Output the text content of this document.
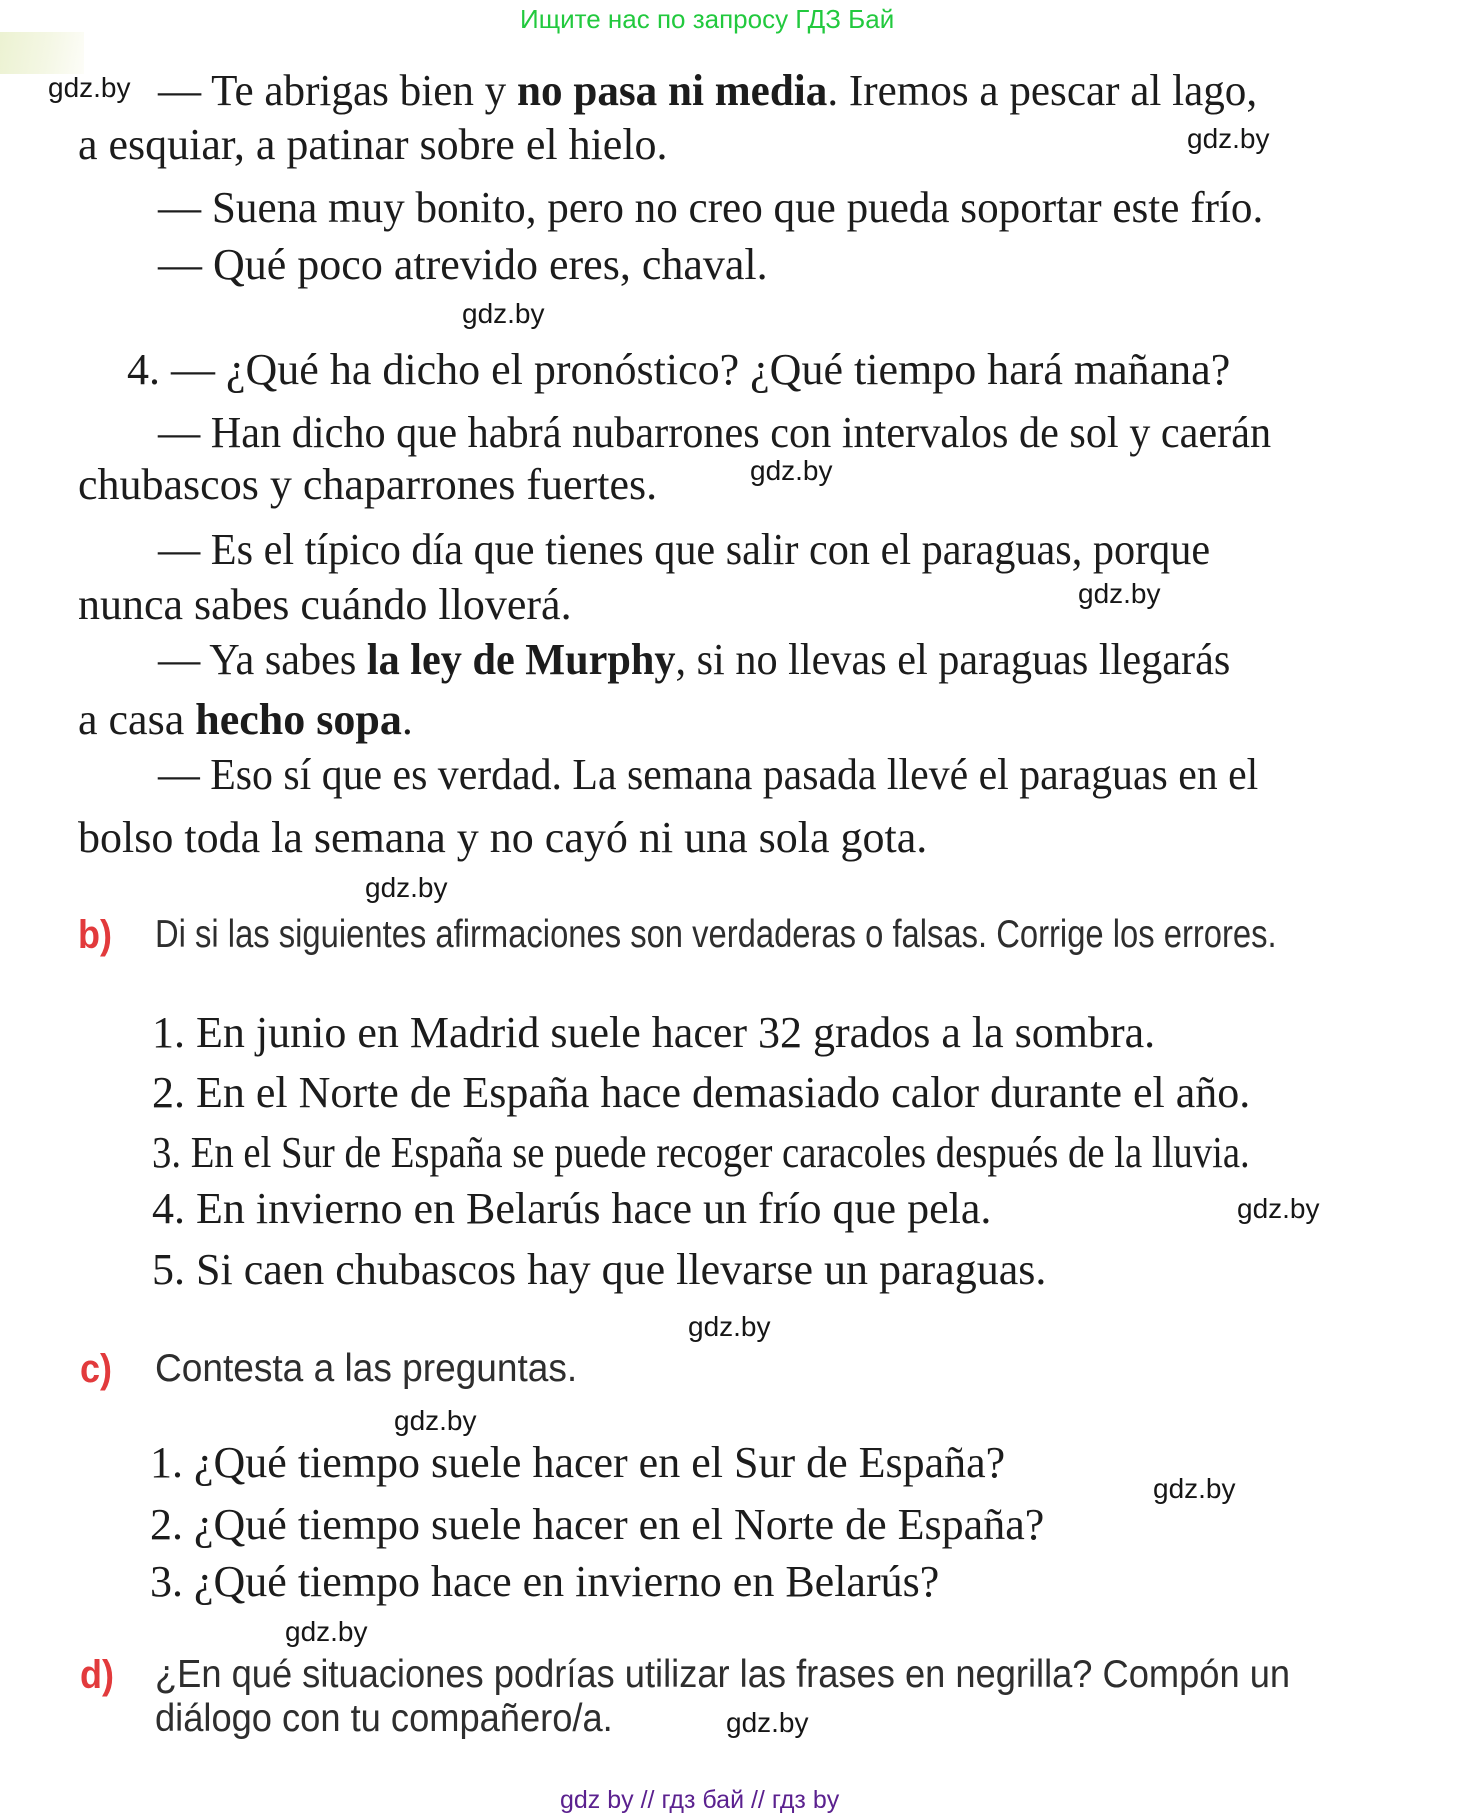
Ищите нас по запросу ГДЗ Бай
gdz.by
gdz.by
gdz.by
gdz.by
gdz.by
gdz.by
gdz.by
gdz.by
gdz.by
gdz.by
gdz.by
gdz.by
— Te abrigas bien y no pasa ni media. Iremos a pescar al lago,
a esquiar, a patinar sobre el hielo.
— Suena muy bonito, pero no creo que pueda soportar este frío.
— Qué poco atrevido eres, chaval.
4. — ¿Qué ha dicho el pronóstico? ¿Qué tiempo hará mañana?
— Han dicho que habrá nubarrones con intervalos de sol y caerán
chubascos y chaparrones fuertes.
— Es el típico día que tienes que salir con el paraguas, porque
nunca sabes cuándo lloverá.
— Ya sabes la ley de Murphy, si no llevas el paraguas llegarás
a casa hecho sopa.
— Eso sí que es verdad. La semana pasada llevé el paraguas en el
bolso toda la semana y no cayó ni una sola gota.
b) Di si las siguientes afirmaciones son verdaderas o falsas. Corrige los errores.
1. En junio en Madrid suele hacer 32 grados a la sombra.
2. En el Norte de España hace demasiado calor durante el año.
3. En el Sur de España se puede recoger caracoles después de la lluvia.
4. En invierno en Belarús hace un frío que pela.
5. Si caen chubascos hay que llevarse un paraguas.
c) Contesta a las preguntas.
1. ¿Qué tiempo suele hacer en el Sur de España?
2. ¿Qué tiempo suele hacer en el Norte de España?
3. ¿Qué tiempo hace en invierno en Belarús?
d) ¿En qué situaciones podrías utilizar las frases en negrilla? Compón un
diálogo con tu compañero/a.
gdz by // гдз бай // гдз by
